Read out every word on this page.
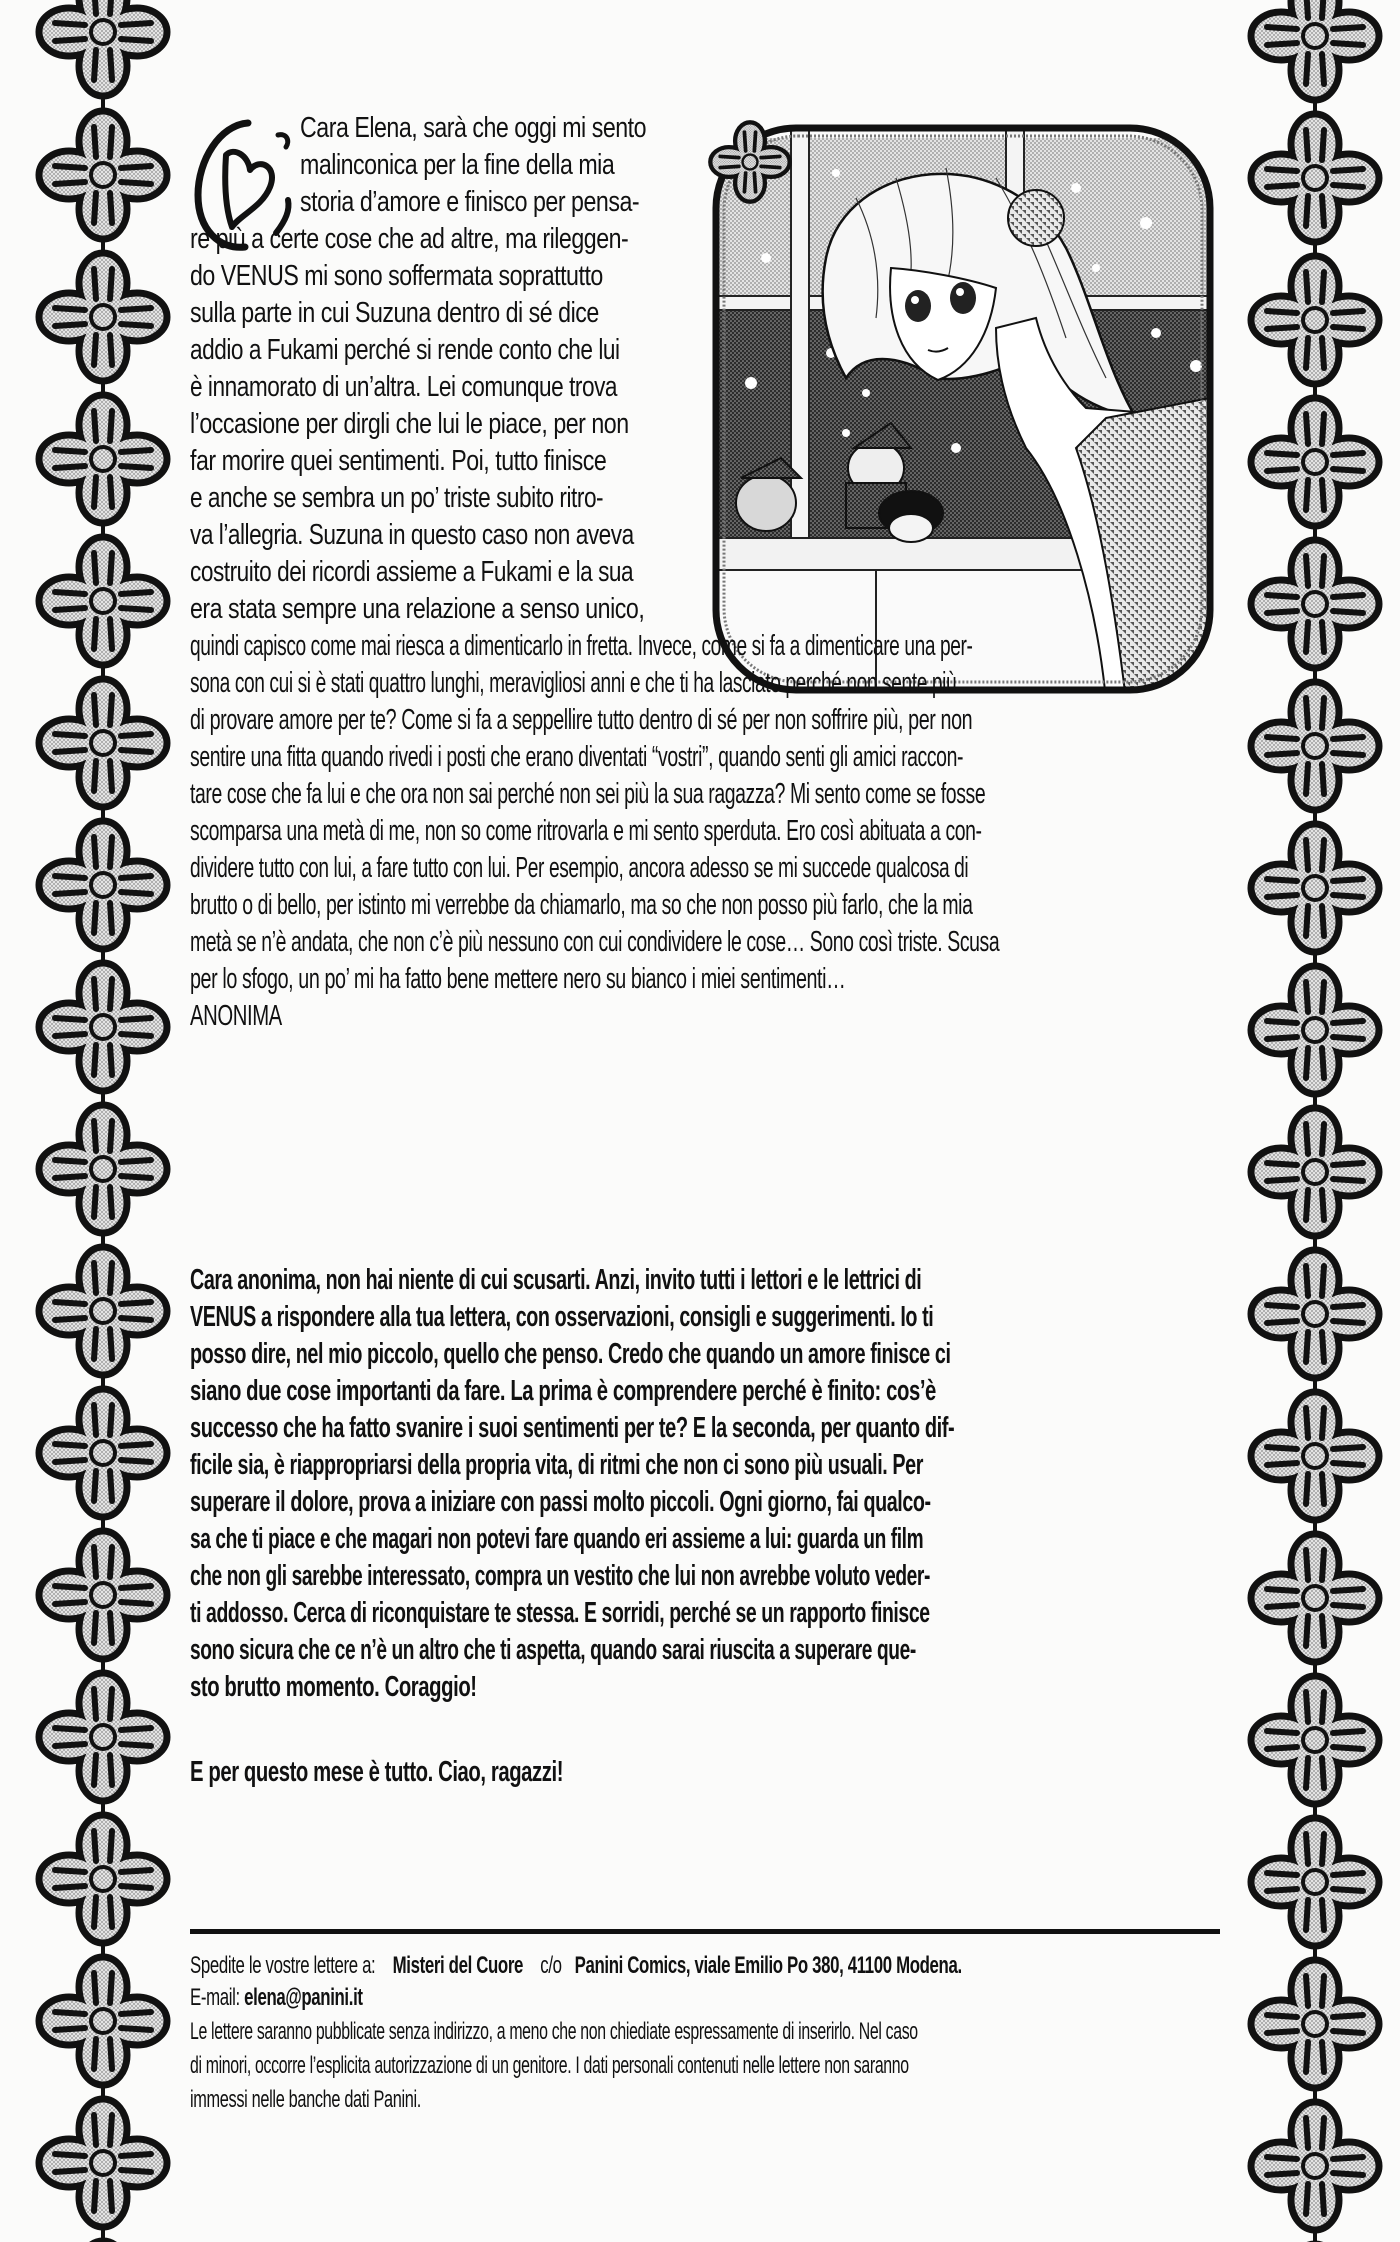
Cara Elena, sarà che oggi mi sento
malinconica per la fine della mia
storia d’amore e finisco per pensa-
re più a certe cose che ad altre, ma rileggen-
do VENUS mi sono soffermata soprattutto
sulla parte in cui Suzuna dentro di sé dice
addio a Fukami perché si rende conto che lui
è innamorato di un’altra. Lei comunque trova
l’occasione per dirgli che lui le piace, per non
far morire quei sentimenti. Poi, tutto finisce
e anche se sembra un po’ triste subito ritro-
va l’allegria. Suzuna in questo caso non aveva
costruito dei ricordi assieme a Fukami e la sua
era stata sempre una relazione a senso unico,
quindi capisco come mai riesca a dimenticarlo in fretta. Invece, come si fa a dimenticare una per-
sona con cui si è stati quattro lunghi, meravigliosi anni e che ti ha lasciato perché non sente più
di provare amore per te? Come si fa a seppellire tutto dentro di sé per non soffrire più, per non
sentire una fitta quando rivedi i posti che erano diventati “vostri”, quando senti gli amici raccon-
tare cose che fa lui e che ora non sai perché non sei più la sua ragazza? Mi sento come se fosse
scomparsa una metà di me, non so come ritrovarla e mi sento sperduta. Ero così abituata a con-
dividere tutto con lui, a fare tutto con lui. Per esempio, ancora adesso se mi succede qualcosa di
brutto o di bello, per istinto mi verrebbe da chiamarlo, ma so che non posso più farlo, che la mia
metà se n’è andata, che non c’è più nessuno con cui condividere le cose… Sono così triste. Scusa
per lo sfogo, un po’ mi ha fatto bene mettere nero su bianco i miei sentimenti…
ANONIMA
Cara anonima, non hai niente di cui scusarti. Anzi, invito tutti i lettori e le lettrici di
VENUS a rispondere alla tua lettera, con osservazioni, consigli e suggerimenti. Io ti
posso dire, nel mio piccolo, quello che penso. Credo che quando un amore finisce ci
siano due cose importanti da fare. La prima è comprendere perché è finito: cos’è
successo che ha fatto svanire i suoi sentimenti per te? E la seconda, per quanto dif-
ficile sia, è riappropriarsi della propria vita, di ritmi che non ci sono più usuali. Per
superare il dolore, prova a iniziare con passi molto piccoli. Ogni giorno, fai qualco-
sa che ti piace e che magari non potevi fare quando eri assieme a lui: guarda un film
che non gli sarebbe interessato, compra un vestito che lui non avrebbe voluto veder-
ti addosso. Cerca di riconquistare te stessa. E sorridi, perché se un rapporto finisce
sono sicura che ce n’è un altro che ti aspetta, quando sarai riuscita a superare que-
sto brutto momento. Coraggio!
E per questo mese è tutto. Ciao, ragazzi!
Spedite le vostre lettere a: Misteri del Cuore c/o Panini Comics, viale Emilio Po 380, 41100 Modena.
E-mail: elena@panini.it
Le lettere saranno pubblicate senza indirizzo, a meno che non chiediate espressamente di inserirlo. Nel caso
di minori, occorre l’esplicita autorizzazione di un genitore. I dati personali contenuti nelle lettere non saranno
immessi nelle banche dati Panini.
